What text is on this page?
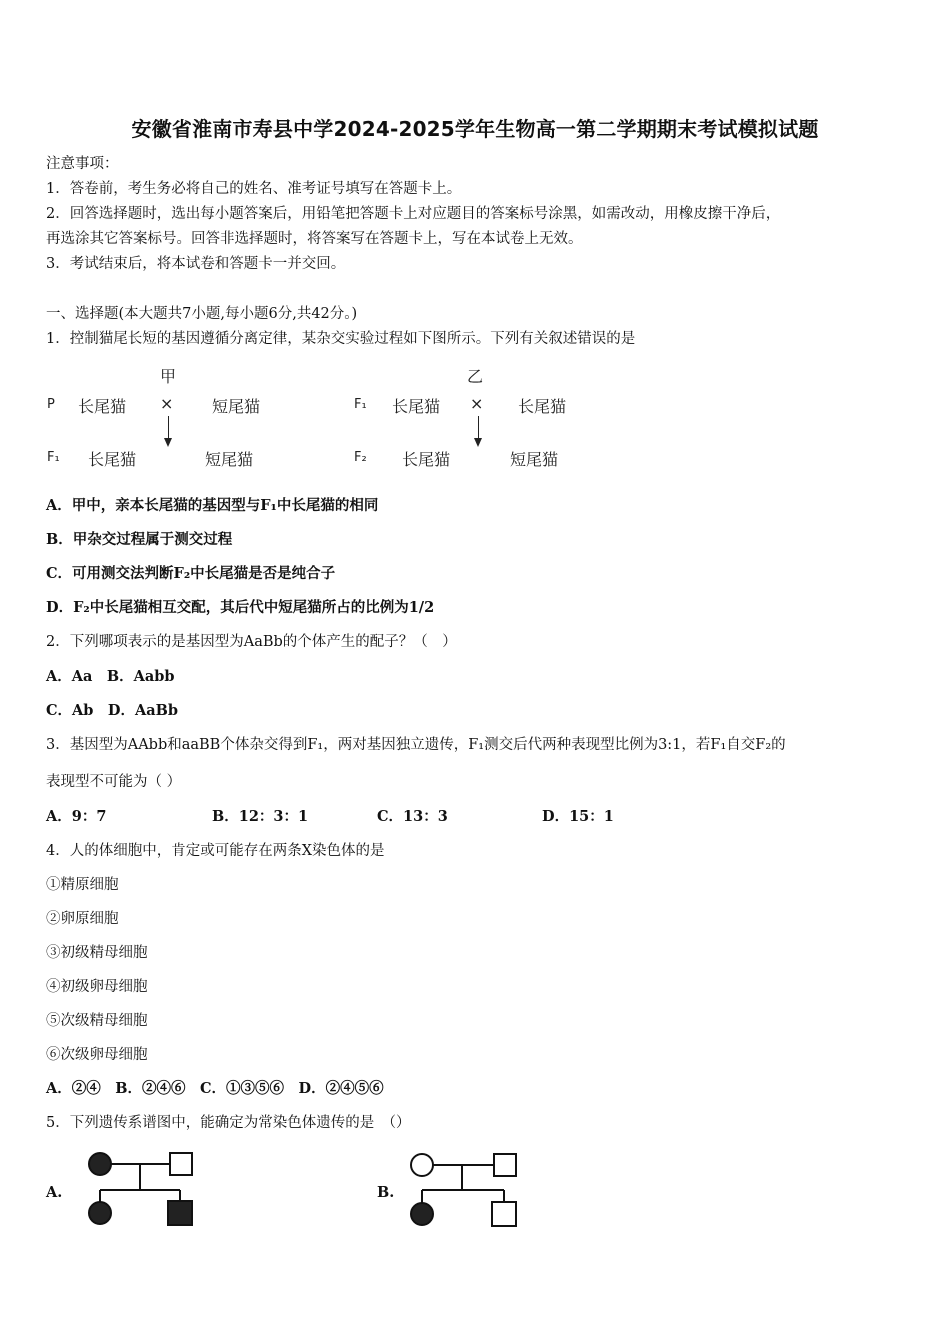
安徽省淮南市寿县中学2024-2025学年生物高一第二学期期末考试模拟试题
注意事项：
1．答卷前，考生务必将自己的姓名、准考证号填写在答题卡上。
2．回答选择题时，选出每小题答案后，用铅笔把答题卡上对应题目的答案标号涂黑，如需改动，用橡皮擦干净后，
再选涂其它答案标号。回答非选择题时，将答案写在答题卡上，写在本试卷上无效。
3．考试结束后，将本试卷和答题卡一并交回。
一、选择题(本大题共7小题,每小题6分,共42分。)
1．控制猫尾长短的基因遵循分离定律，某杂交实验过程如下图所示。下列有关叙述错误的是
甲	乙
P 长尾猫 × 短尾猫	F₁ 长尾猫 × 长尾猫
F₁ 长尾猫	短尾猫	F₂ 长尾猫	短尾猫
A．甲中，亲本长尾猫的基因型与F₁中长尾猫的相同
B．甲杂交过程属于测交过程
C．可用测交法判断F₂中长尾猫是否是纯合子
D．F₂中长尾猫相互交配，其后代中短尾猫所占的比例为1/2
2．下列哪项表示的是基因型为AaBb的个体产生的配子？（　）
A．Aa　B．Aabb
C．Ab　D．AaBb
3．基因型为AAbb和aaBB个体杂交得到F₁，两对基因独立遗传，F₁测交后代两种表现型比例为3:1，若F₁自交F₂的
表现型不可能为（ ）
A．9：7	B．12：3：1	C．13：3	D．15：1
4．人的体细胞中，肯定或可能存在两条X染色体的是
①精原细胞
②卵原细胞
③初级精母细胞
④初级卵母细胞
⑤次级精母细胞
⑥次级卵母细胞
A．②④　B．②④⑥　C．①③⑤⑥　D．②④⑤⑥
5．下列遗传系谱图中，能确定为常染色体遗传的是　（）
A.	B.
